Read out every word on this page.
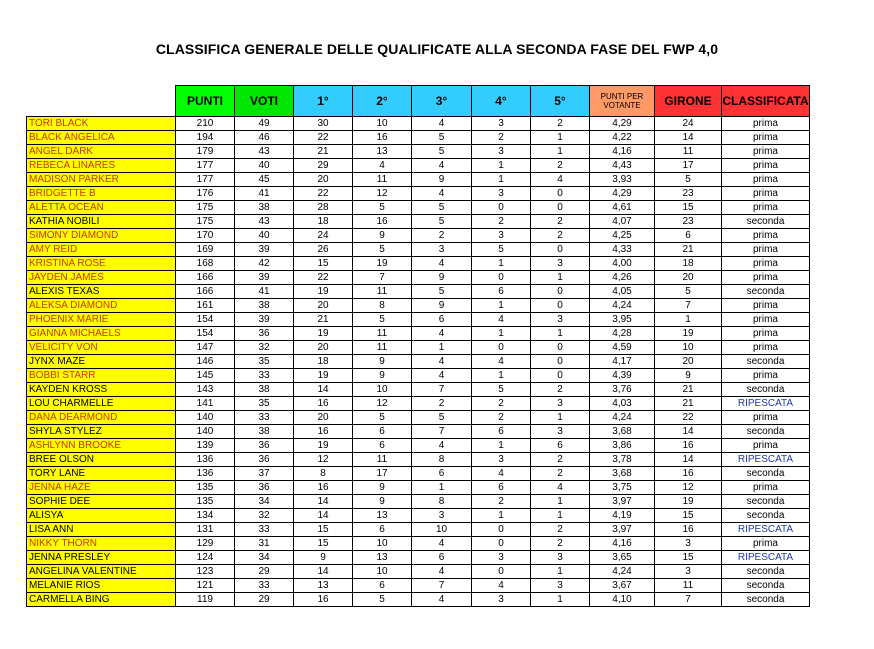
CLASSIFICA GENERALE DELLE QUALIFICATE ALLA SECONDA FASE DEL FWP 4,0
	PUNTI	VOTI	1°	2°	3°	4°	5°	PUNTI PER VOTANTE	GIRONE	CLASSIFICATA
TORI BLACK	210	49	30	10	4	3	2	4,29	24	prima
BLACK ANGELICA	194	46	22	16	5	2	1	4,22	14	prima
ANGEL DARK	179	43	21	13	5	3	1	4,16	11	prima
REBECA LINARES	177	40	29	4	4	1	2	4,43	17	prima
MADISON PARKER	177	45	20	11	9	1	4	3,93	5	prima
BRIDGETTE B	176	41	22	12	4	3	0	4,29	23	prima
ALETTA OCEAN	175	38	28	5	5	0	0	4,61	15	prima
KATHIA NOBILI	175	43	18	16	5	2	2	4,07	23	seconda
SIMONY DIAMOND	170	40	24	9	2	3	2	4,25	6	prima
AMY REID	169	39	26	5	3	5	0	4,33	21	prima
KRISTINA ROSE	168	42	15	19	4	1	3	4,00	18	prima
JAYDEN JAMES	166	39	22	7	9	0	1	4,26	20	prima
ALEXIS TEXAS	166	41	19	11	5	6	0	4,05	5	seconda
ALEKSA DIAMOND	161	38	20	8	9	1	0	4,24	7	prima
PHOENIX MARIE	154	39	21	5	6	4	3	3,95	1	prima
GIANNA MICHAELS	154	36	19	11	4	1	1	4,28	19	prima
VELICITY VON	147	32	20	11	1	0	0	4,59	10	prima
JYNX MAZE	146	35	18	9	4	4	0	4,17	20	seconda
BOBBI STARR	145	33	19	9	4	1	0	4,39	9	prima
KAYDEN KROSS	143	38	14	10	7	5	2	3,76	21	seconda
LOU CHARMELLE	141	35	16	12	2	2	3	4,03	21	RIPESCATA
DANA DEARMOND	140	33	20	5	5	2	1	4,24	22	prima
SHYLA STYLEZ	140	38	16	6	7	6	3	3,68	14	seconda
ASHLYNN BROOKE	139	36	19	6	4	1	6	3,86	16	prima
BREE OLSON	136	36	12	11	8	3	2	3,78	14	RIPESCATA
TORY LANE	136	37	8	17	6	4	2	3,68	16	seconda
JENNA HAZE	135	36	16	9	1	6	4	3,75	12	prima
SOPHIE DEE	135	34	14	9	8	2	1	3,97	19	seconda
ALISYA	134	32	14	13	3	1	1	4,19	15	seconda
LISA ANN	131	33	15	6	10	0	2	3,97	16	RIPESCATA
NIKKY THORN	129	31	15	10	4	0	2	4,16	3	prima
JENNA PRESLEY	124	34	9	13	6	3	3	3,65	15	RIPESCATA
ANGELINA VALENTINE	123	29	14	10	4	0	1	4,24	3	seconda
MELANIE RIOS	121	33	13	6	7	4	3	3,67	11	seconda
CARMELLA BING	119	29	16	5	4	3	1	4,10	7	seconda
